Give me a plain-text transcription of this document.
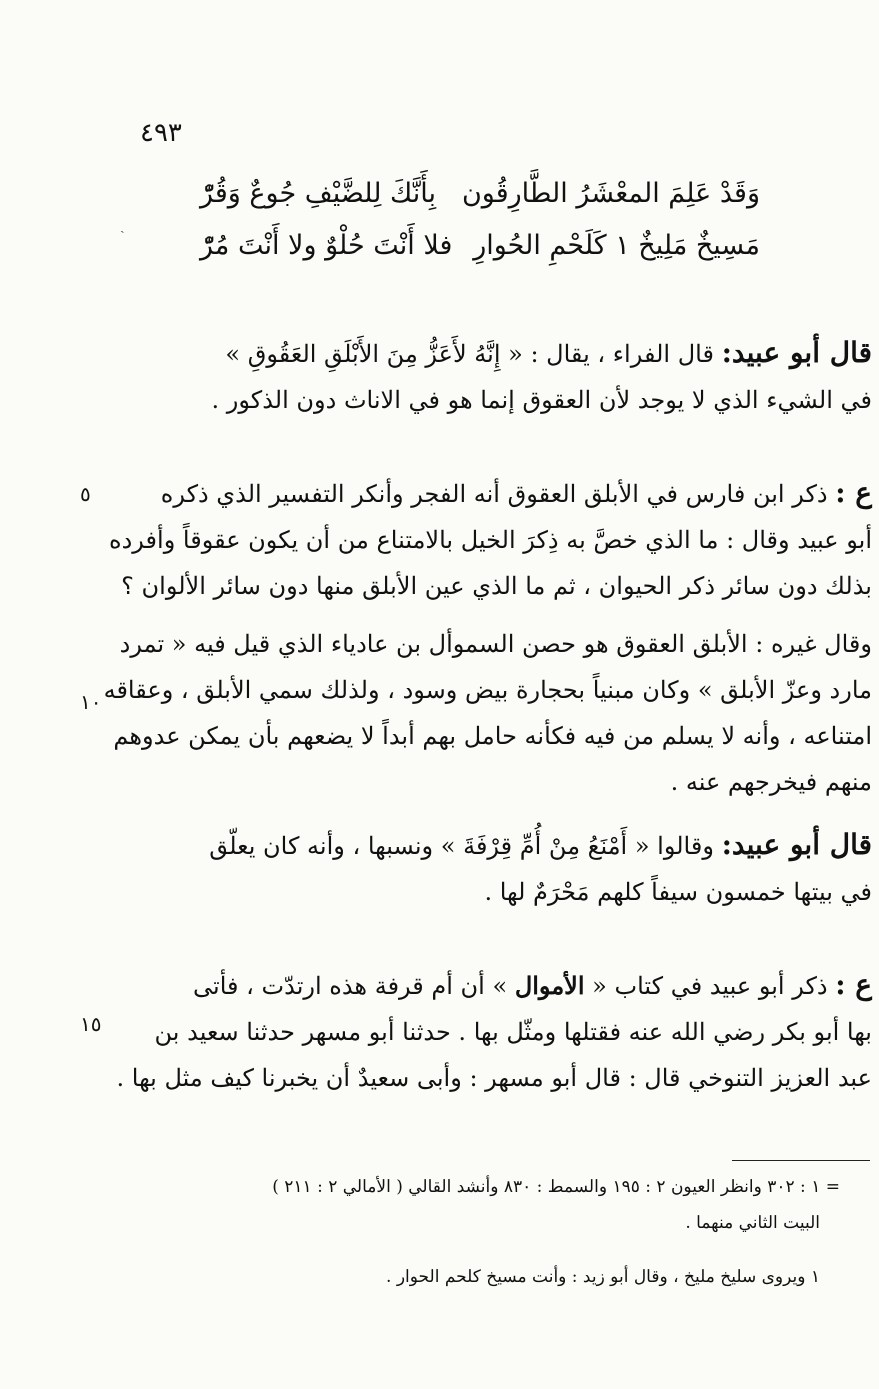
٤٩٣
ˎ
وَقَدْ عَلِمَ المعْشَرُ الطَّارِقُون
بِأَنَّكَ لِلضَّيْفِ جُوعٌ وَقُرّْ
مَسِيخٌ مَلِيخٌ ١ كَلَحْمِ الحُوارِ
فلا أَنْتَ حُلْوٌ ولا أَنْتَ مُرّْ
قال أبو عبيد: قال الفراء ، يقال : « إِنَّهُ لأَعَزُّ مِنَ الأَبْلَقِ العَقُوقِ »
في الشيء الذي لا يوجد لأن العقوق إنما هو في الاناث دون الذكور .
ع : ذكر ابن فارس في الأبلق العقوق أنه الفجر وأنكر التفسير الذي ذكره
أبو عبيد وقال : ما الذي خصَّ به ذِكرَ الخيل بالامتناع من أن يكون عقوقاً وأفرده
بذلك دون سائر ذكر الحيوان ، ثم ما الذي عين الأبلق منها دون سائر الألوان ؟
وقال غيره : الأبلق العقوق هو حصن السموأل بن عادياء الذي قيل فيه « تمرد
مارد وعزّ الأبلق » وكان مبنياً بحجارة بيض وسود ، ولذلك سمي الأبلق ، وعقاقه
امتناعه ، وأنه لا يسلم من فيه فكأنه حامل بهم أبداً لا يضعهم بأن يمكن عدوهم
منهم فيخرجهم عنه .
قال أبو عبيد: وقالوا « أَمْنَعُ مِنْ أُمِّ قِرْفَةَ » ونسبها ، وأنه كان يعلّق
في بيتها خمسون سيفاً كلهم مَحْرَمٌ لها .
ع : ذكر أبو عبيد في كتاب « الأموال » أن أم قرفة هذه ارتدّت ، فأتى
بها أبو بكر رضي الله عنه فقتلها ومثّل بها . حدثنا أبو مسهر حدثنا سعيد بن
عبد العزيز التنوخي قال : قال أبو مسهر : وأبى سعيدٌ أن يخبرنا كيف مثل بها .
٥
١٠
١٥
= ١ : ٣٠٢ وانظر العيون ٢ : ١٩٥ والسمط : ٨٣٠ وأنشد القالي ( الأمالي ٢ : ٢١١ )
البيت الثاني منهما .
١ ويروى سليخ مليخ ، وقال أبو زيد : وأنت مسيخ كلحم الحوار .
